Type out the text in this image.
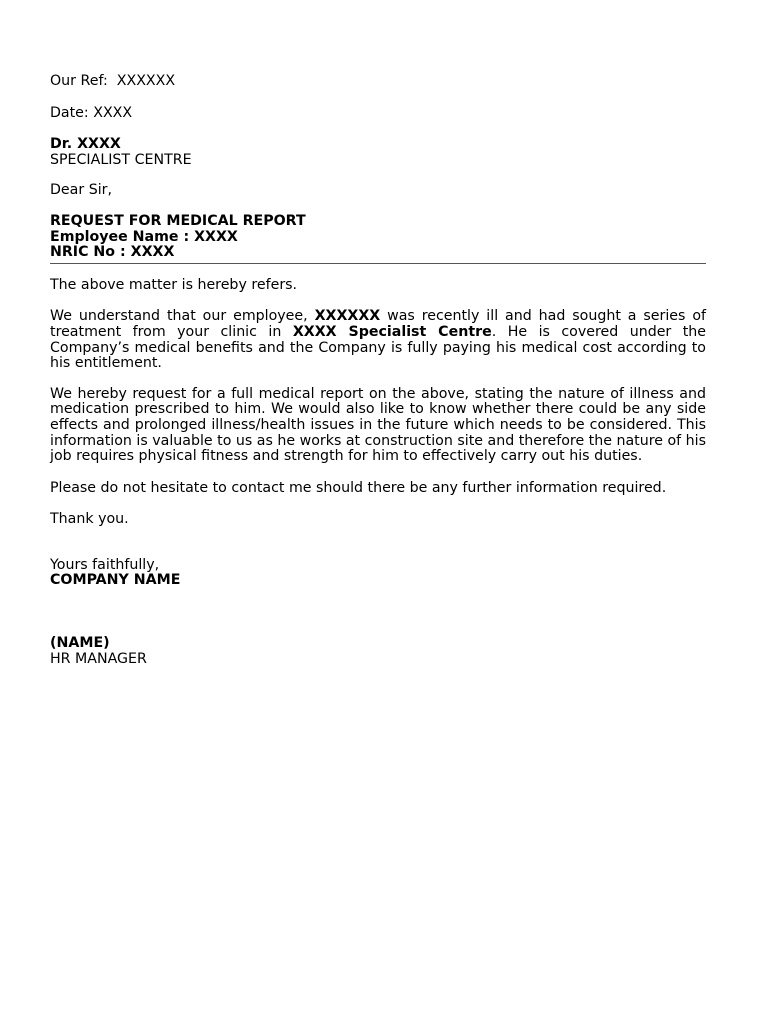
Our Ref: XXXXXX
Date: XXXX
Dr. XXXX
SPECIALIST CENTRE
Dear Sir,
REQUEST FOR MEDICAL REPORT
Employee Name : XXXX
NRIC No : XXXX
The above matter is hereby refers.
We understand that our employee, XXXXXX was recently ill and had sought a series of treatment from your clinic in XXXX Specialist Centre. He is covered under the Company’s medical benefits and the Company is fully paying his medical cost according to his entitlement.
We hereby request for a full medical report on the above, stating the nature of illness and medication prescribed to him. We would also like to know whether there could be any side effects and prolonged illness/health issues in the future which needs to be considered. This information is valuable to us as he works at construction site and therefore the nature of his job requires physical fitness and strength for him to effectively carry out his duties.
Please do not hesitate to contact me should there be any further information required.
Thank you.
Yours faithfully,
COMPANY NAME
(NAME)
HR MANAGER
